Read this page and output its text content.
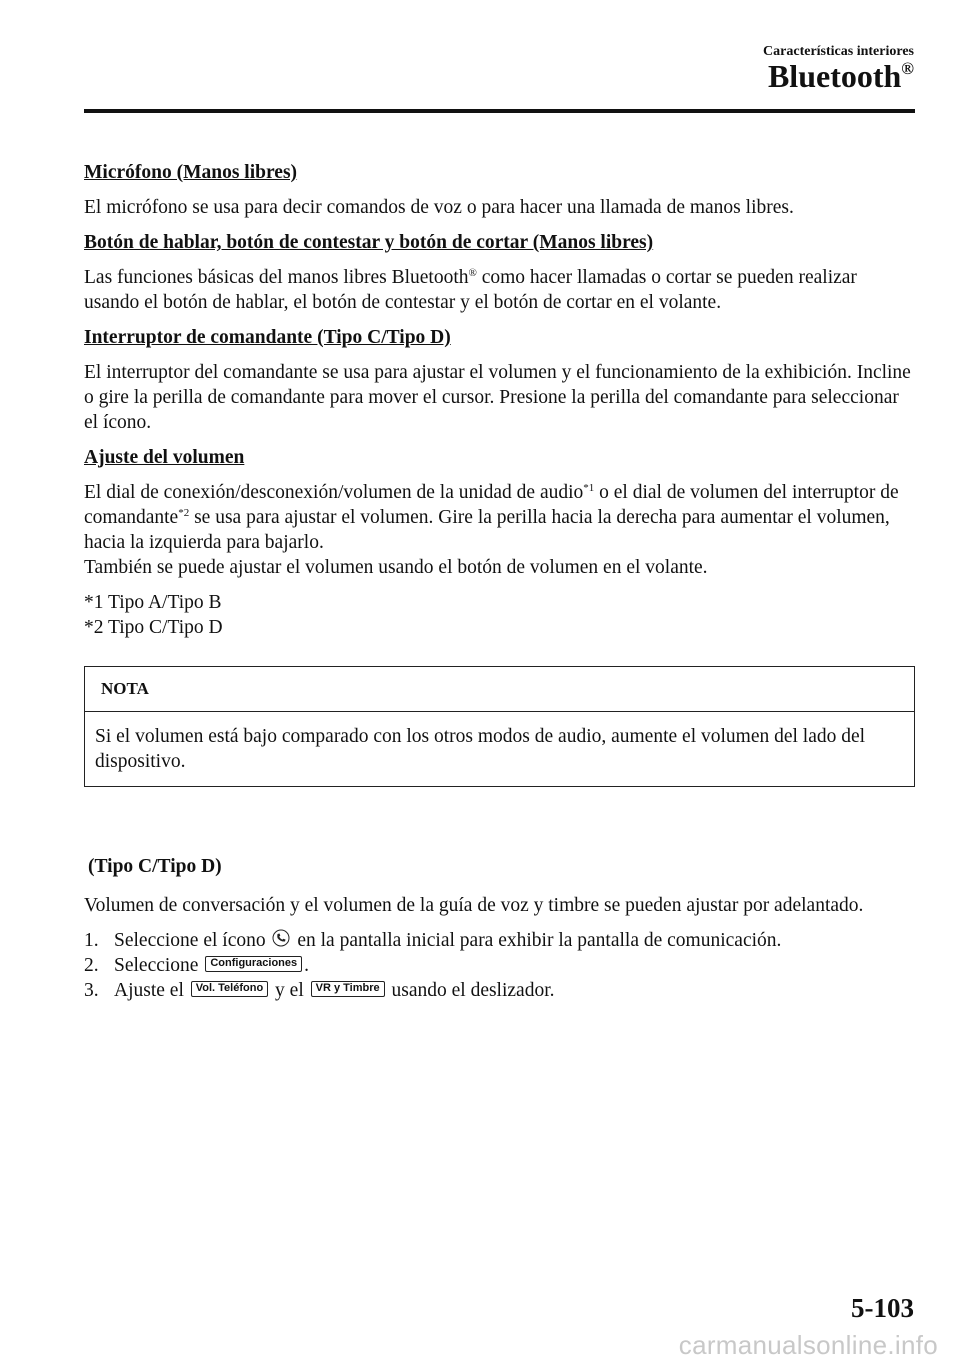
Características interiores
Bluetooth®
Micrófono (Manos libres)
El micrófono se usa para decir comandos de voz o para hacer una llamada de manos libres.
Botón de hablar, botón de contestar y botón de cortar (Manos libres)
Las funciones básicas del manos libres Bluetooth® como hacer llamadas o cortar se pueden realizar usando el botón de hablar, el botón de contestar y el botón de cortar en el volante.
Interruptor de comandante (Tipo C/Tipo D)
El interruptor del comandante se usa para ajustar el volumen y el funcionamiento de la exhibición. Incline o gire la perilla de comandante para mover el cursor. Presione la perilla del comandante para seleccionar el ícono.
Ajuste del volumen
El dial de conexión/desconexión/volumen de la unidad de audio$^{*1}$ o el dial de volumen del interruptor de comandante$^{*2}$ se usa para ajustar el volumen. Gire la perilla hacia la derecha para aumentar el volumen, hacia la izquierda para bajarlo.
También se puede ajustar el volumen usando el botón de volumen en el volante.
*1 Tipo A/Tipo B
*2 Tipo C/Tipo D
NOTA
Si el volumen está bajo comparado con los otros modos de audio, aumente el volumen del lado del dispositivo.
(Tipo C/Tipo D)
Volumen de conversación y el volumen de la guía de voz y timbre se pueden ajustar por adelantado.
1. Seleccione el ícono  en la pantalla inicial para exhibir la pantalla de comunicación.
2. Seleccione Configuraciones .
3. Ajuste el Vol. Teléfono y el VR y Timbre usando el deslizador.
5-103
carmanualsonline.info
